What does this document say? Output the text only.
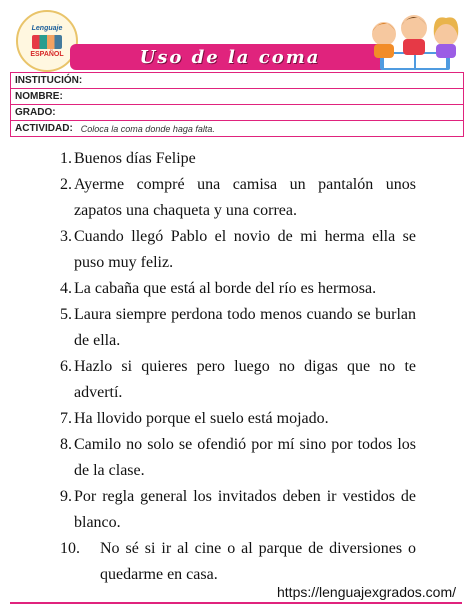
Lenguaje
ESPAÑOL	Uso de la coma
INSTITUCIÓN:
NOMBRE:
GRADO:
ACTIVIDAD: Coloca la coma donde haga falta.
1. Buenos días Felipe
2. Ayerme compré una camisa un pantalón unos zapatos una chaqueta y una correa.
3. Cuando llegó Pablo el novio de mi herma ella se puso muy feliz.
4. La cabaña que está al borde del río es hermosa.
5. Laura siempre perdona todo menos cuando se burlan de ella.
6. Hazlo si quieres pero luego no digas que no te advertí.
7. Ha llovido porque el suelo está mojado.
8. Camilo no solo se ofendió por mí sino por todos los de la clase.
9. Por regla general los invitados deben ir vestidos de blanco.
10.	No sé si ir al cine o al parque de diversiones o quedarme en casa.
https://lenguajexgrados.com/
